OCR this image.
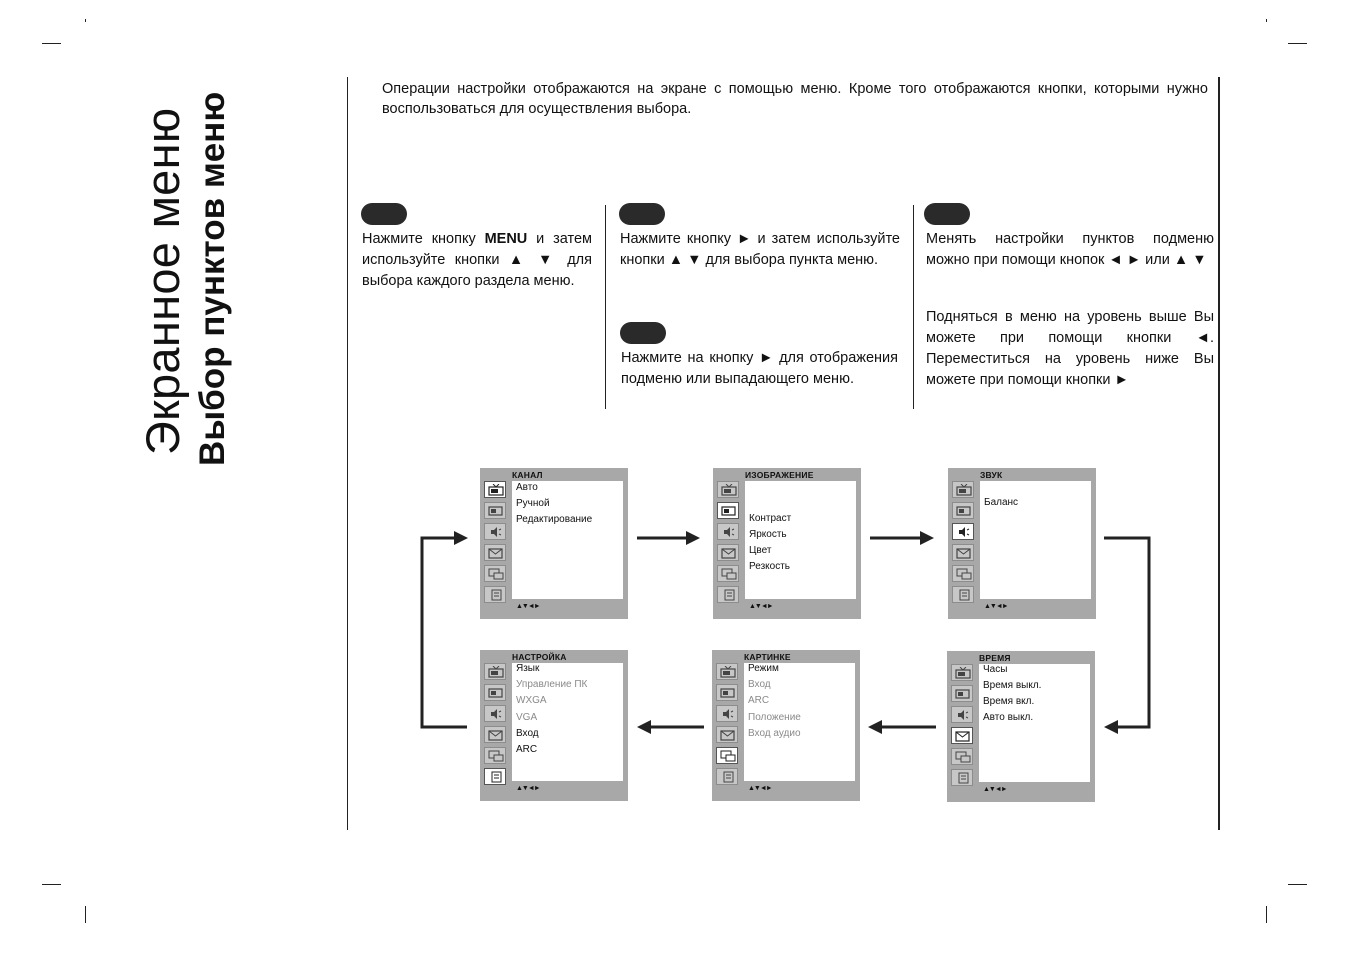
Экранное меню Выбор пунктов меню
Операции настройки отображаются на экране с помощью меню. Кроме того отображаются кнопки, которыми нужно воспользоваться для осуществления выбора.
Нажмите кнопку MENU и затем используйте кнопки ▲ ▼ для выбора каждого раздела меню.
Нажмите кнопку ► и затем используйте кнопки ▲ ▼ для выбора пункта меню.
Нажмите на кнопку ► для отображения подменю или выпадающего меню.
Менять настройки пунктов подменю можно при помощи кнопок ◄ ► или ▲ ▼
Подняться в меню на уровень выше Вы можете при помощи кнопки ◄. Переместиться на уровень ниже Вы можете при помощи кнопки ►
КАНАЛ
Авто
Ручной
Редактирование
▲▼◄►
ИЗОБРАЖЕНИЕ
Контраст
Яркость
Цвет
Резкость
▲▼◄►
ЗВУК
Баланс
▲▼◄►
НАСТРОЙКА
Язык
Управление ПК
WXGA
VGA
Вход
ARC
▲▼◄►
КАРТИНКЕ
Режим
Вход
ARC
Положение
Вход аудио
▲▼◄►
ВРЕМЯ
Часы
Время выкл.
Время вкл.
Авто выкл.
▲▼◄►
